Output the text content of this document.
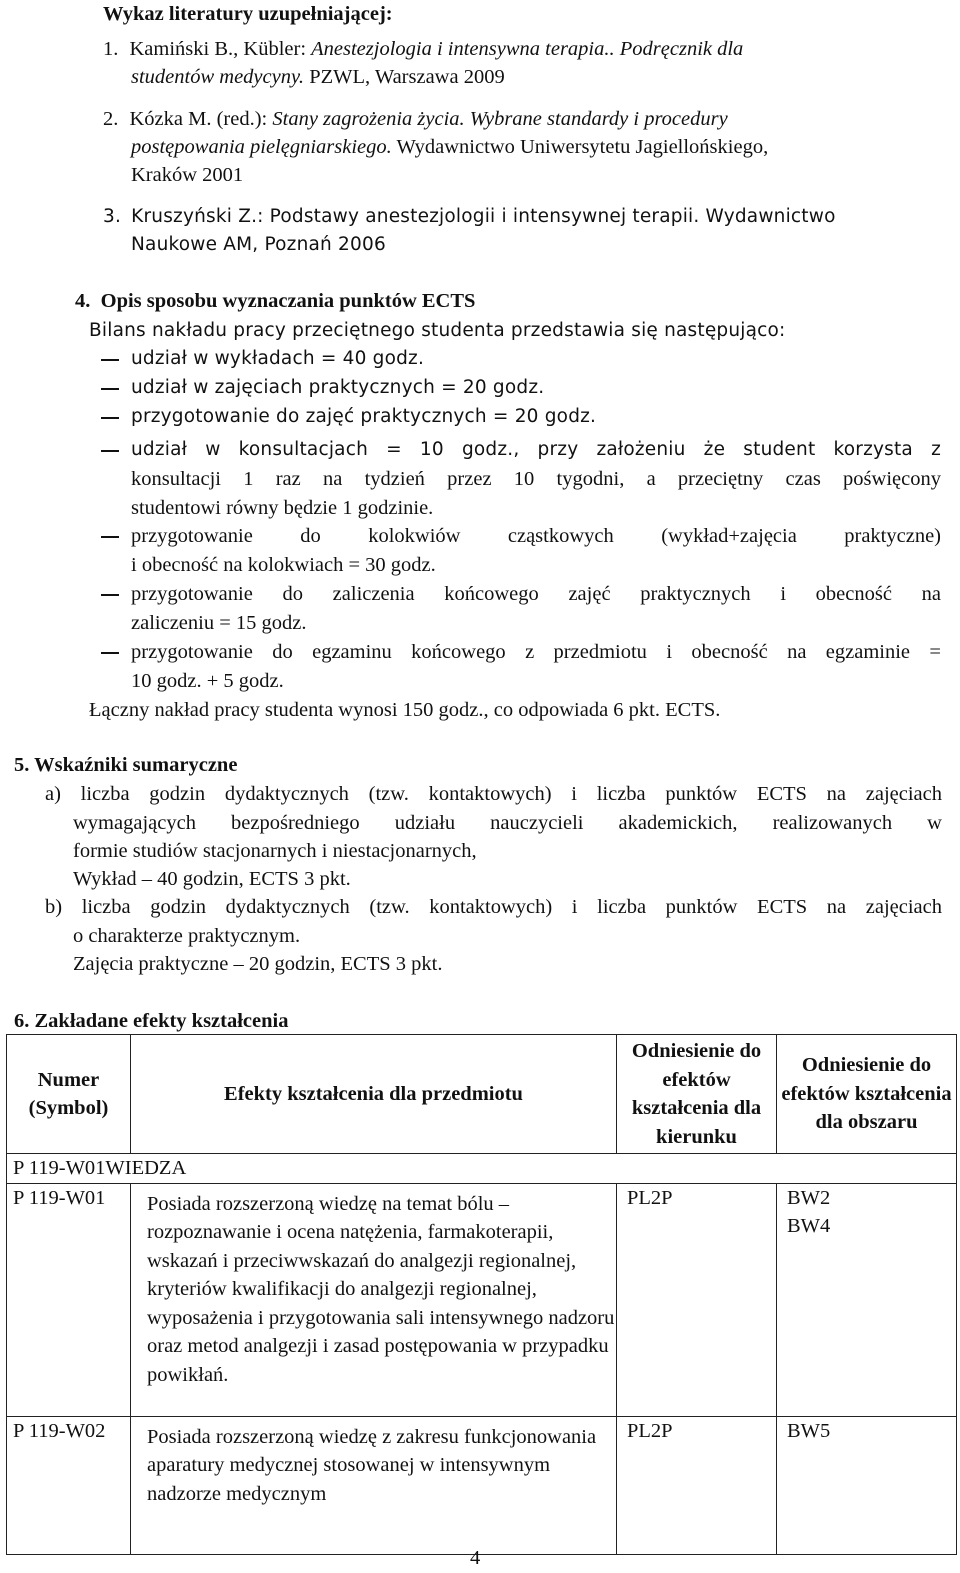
Wykaz literatury uzupełniającej:
1. Kamiński B., Kübler: Anestezjologia i intensywna terapia.. Podręcznik dla
studentów medycyny. PZWL, Warszawa 2009
2. Kózka M. (red.): Stany zagrożenia życia. Wybrane standardy i procedury
postępowania pielęgniarskiego. Wydawnictwo Uniwersytetu Jagiellońskiego,
Kraków 2001
3. Kruszyński Z.: Podstawy anestezjologii i intensywnej terapii. Wydawnictwo
Naukowe AM, Poznań 2006
4.  Opis sposobu wyznaczania punktów ECTS
Bilans nakładu pracy przeciętnego studenta przedstawia się następująco:
udział w wykładach = 40 godz.
udział w zajęciach praktycznych = 20 godz.
przygotowanie do zajęć praktycznych = 20 godz.
udział w konsultacjach = 10 godz., przy założeniu że student korzysta z
konsultacji 1 raz na tydzień przez 10 tygodni, a przeciętny czas poświęcony
studentowi równy będzie 1 godzinie.
przygotowanie do kolokwiów cząstkowych (wykład+zajęcia praktyczne)
i obecność na kolokwiach = 30 godz.
przygotowanie do zaliczenia końcowego zajęć praktycznych i obecność na
zaliczeniu = 15 godz.
przygotowanie do egzaminu końcowego z przedmiotu i obecność na egzaminie =
10 godz. + 5 godz.
Łączny nakład pracy studenta wynosi 150 godz., co odpowiada 6 pkt. ECTS.
5. Wskaźniki sumaryczne
a) liczba godzin dydaktycznych (tzw. kontaktowych) i liczba punktów ECTS na zajęciach
wymagających bezpośredniego udziału nauczycieli akademickich, realizowanych w
formie studiów stacjonarnych i niestacjonarnych,
Wykład – 40 godzin, ECTS 3 pkt.
b) liczba godzin dydaktycznych (tzw. kontaktowych) i liczba punktów ECTS na zajęciach
o charakterze praktycznym.
Zajęcia praktyczne – 20 godzin, ECTS 3 pkt.
6. Zakładane efekty kształcenia
Numer (Symbol)	Efekty kształcenia dla przedmiotu	Odniesienie do efektów kształcenia dla kierunku	Odniesienie do efektów kształcenia dla obszaru
P 119-W01WIEDZA			
P 119-W01	Posiada rozszerzoną wiedzę na temat bólu – rozpoznawanie i ocena natężenia, farmakoterapii, wskazań i przeciwwskazań do analgezji regionalnej, kryteriów kwalifikacji do analgezji regionalnej, wyposażenia i przygotowania sali intensywnego nadzoru oraz metod analgezji i zasad postępowania w przypadku powikłań.	PL2P	BW2 BW4

P 119-W02	Posiada rozszerzoną wiedzę z zakresu funkcjonowania aparatury medycznej stosowanej w intensywnym nadzorze medycznym	PL2P	BW5
4
